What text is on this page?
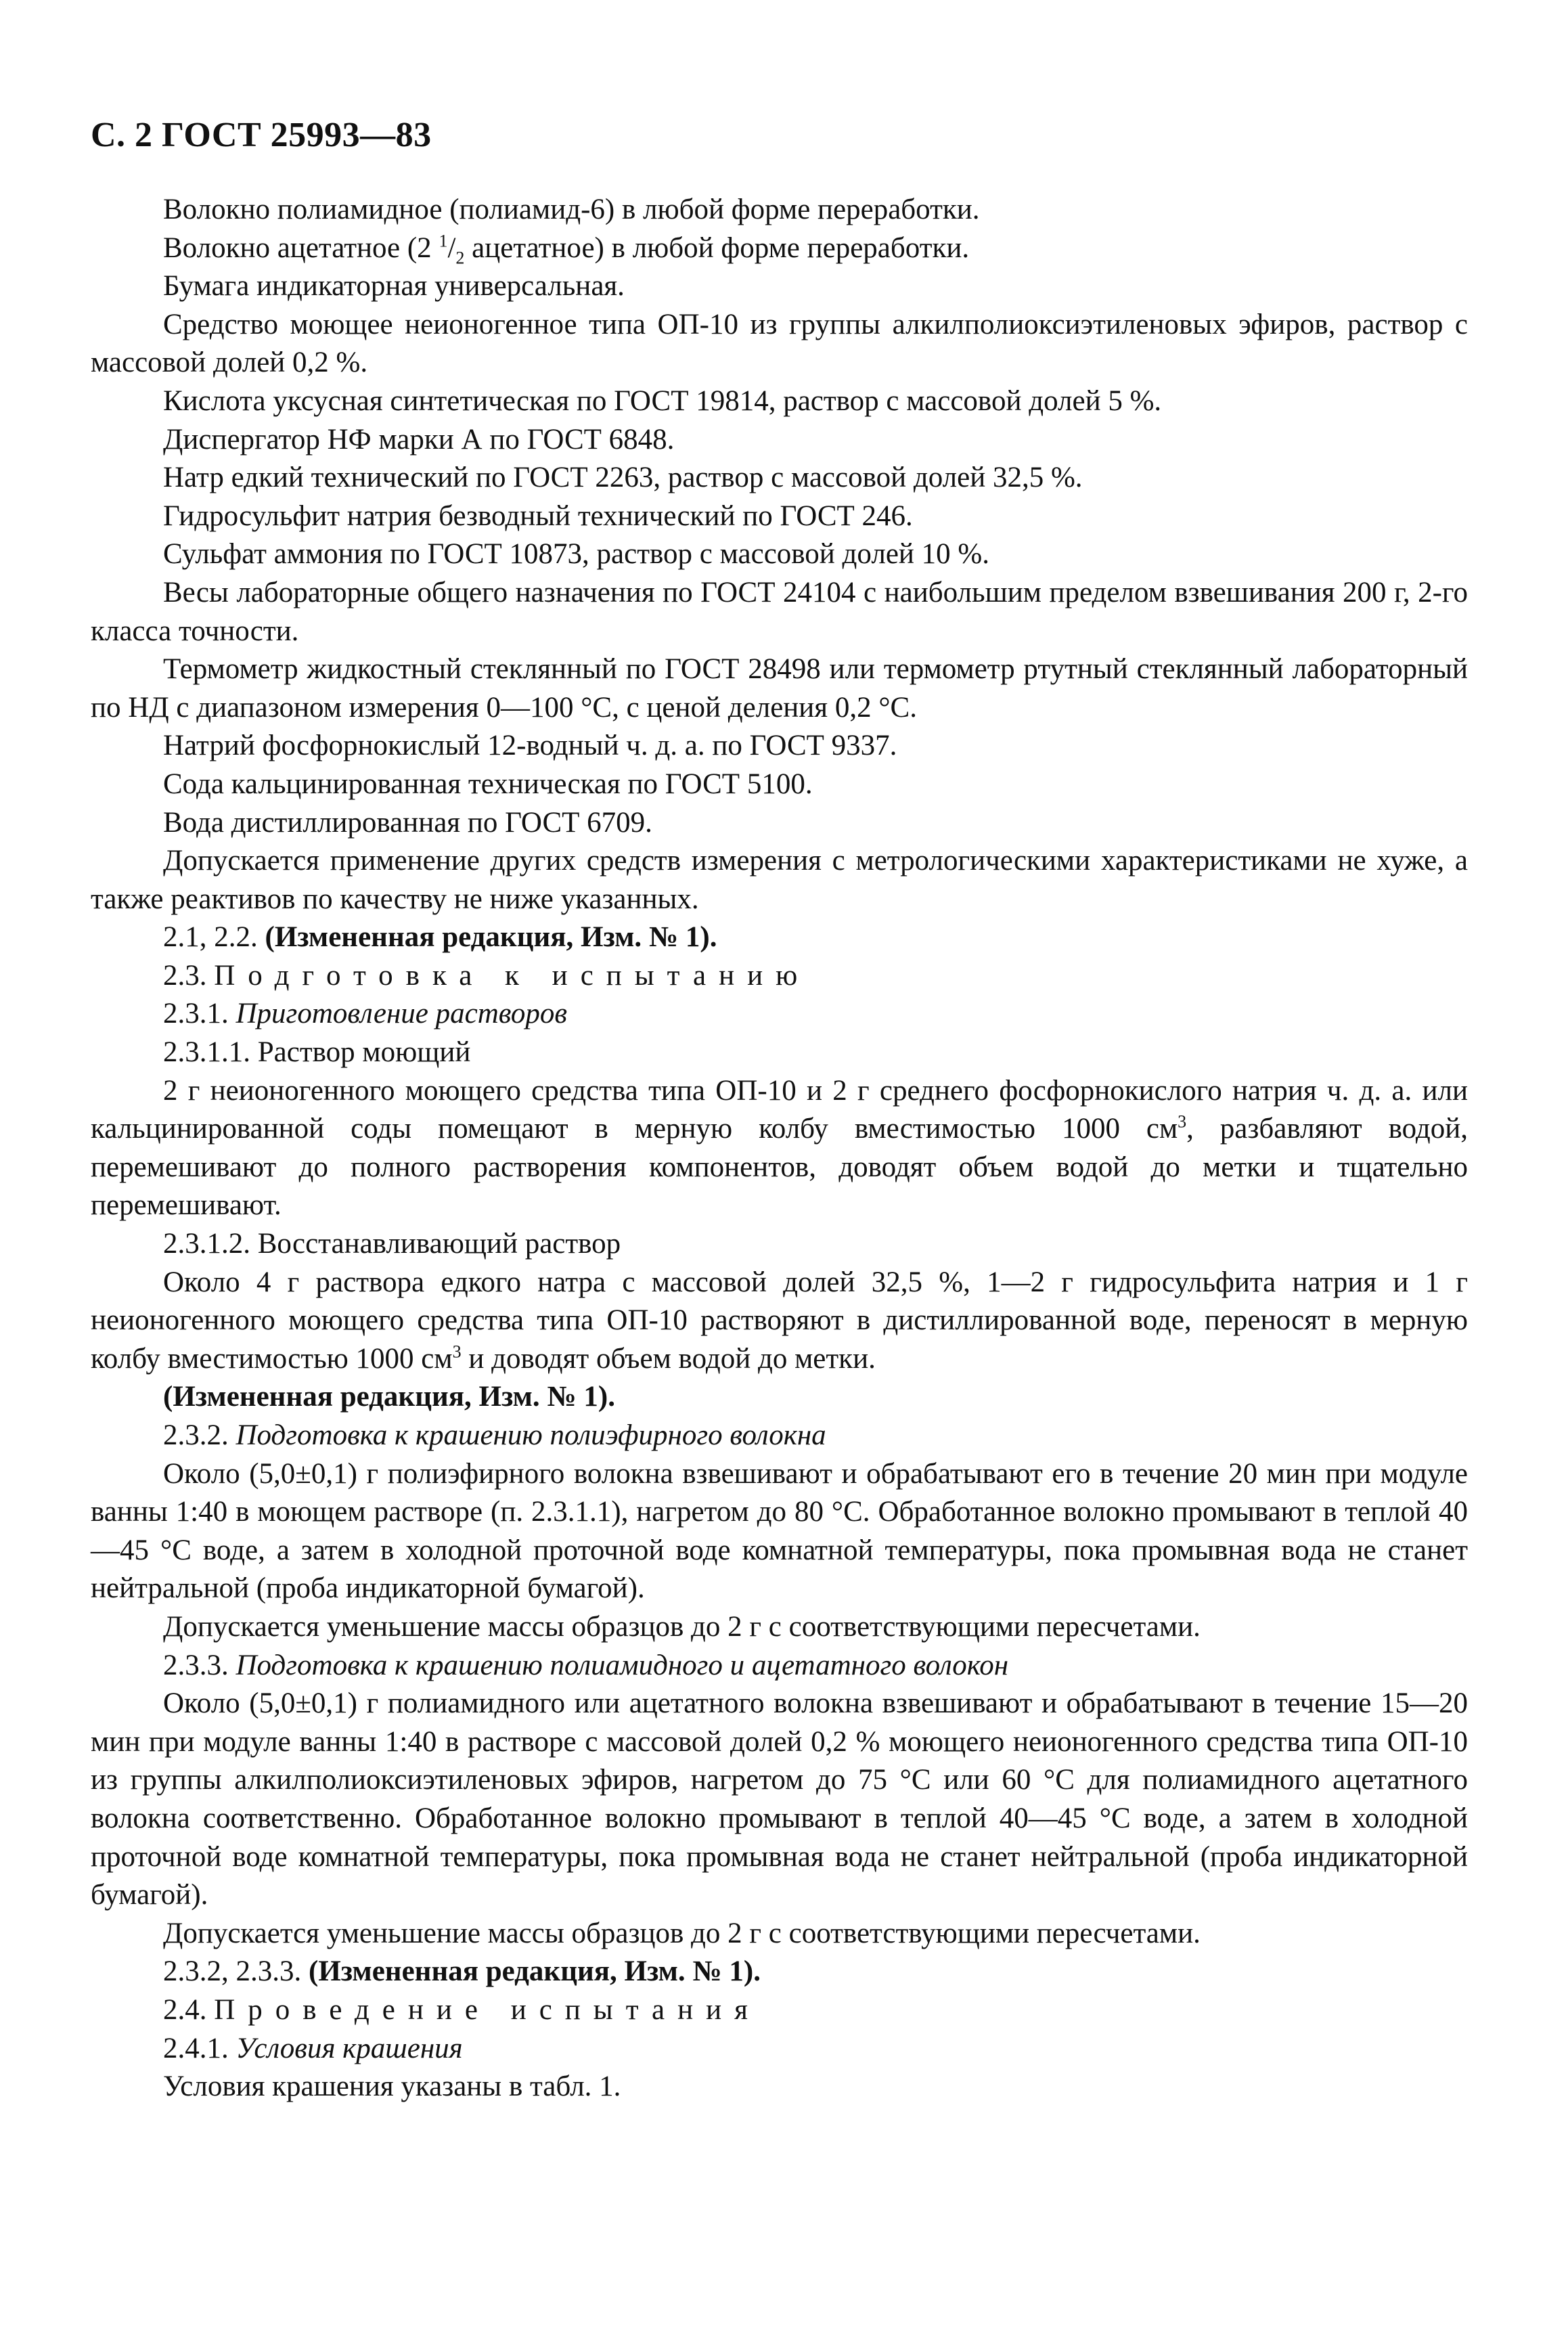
С. 2 ГОСТ 25993—83

Волокно полиамидное (полиамид-6) в любой форме переработки.

Волокно ацетатное (2 $^1/_2$ ацетатное) в любой форме переработки.

Бумага индикаторная универсальная.

Средство моющее неионогенное типа ОП-10 из группы алкилполиоксиэтиленовых эфиров, раствор с массовой долей 0,2 %.

Кислота уксусная синтетическая по ГОСТ 19814, раствор с массовой долей 5 %.

Диспергатор НФ марки А по ГОСТ 6848.

Натр едкий технический по ГОСТ 2263, раствор с массовой долей 32,5 %.

Гидросульфит натрия безводный технический по ГОСТ 246.

Сульфат аммония по ГОСТ 10873, раствор с массовой долей 10 %.

Весы лабораторные общего назначения по ГОСТ 24104 с наибольшим пределом взвешивания 200 г, 2-го класса точности.

Термометр жидкостный стеклянный по ГОСТ 28498 или термометр ртутный стеклянный лабораторный по НД с диапазоном измерения 0—100 °С, с ценой деления 0,2 °С.

Натрий фосфорнокислый 12-водный ч. д. а. по ГОСТ 9337.

Сода кальцинированная техническая по ГОСТ 5100.

Вода дистиллированная по ГОСТ 6709.

Допускается применение других средств измерения с метрологическими характеристиками не хуже, а также реактивов по качеству не ниже указанных.

2.1, 2.2. (Измененная редакция, Изм. № 1).

2.3. Подготовка к испытанию

2.3.1. Приготовление растворов

2.3.1.1. Раствор моющий

2 г неионогенного моющего средства типа ОП-10 и 2 г среднего фосфорнокислого натрия ч. д. а. или кальцинированной соды помещают в мерную колбу вместимостью 1000 $см^3$, разбавляют водой, перемешивают до полного растворения компонентов, доводят объем водой до метки и тщательно перемешивают.

2.3.1.2. Восстанавливающий раствор

Около 4 г раствора едкого натра с массовой долей 32,5 %, 1—2 г гидросульфита натрия и 1 г неионогенного моющего средства типа ОП-10 растворяют в дистиллированной воде, переносят в мерную колбу вместимостью 1000 $см^3$ и доводят объем водой до метки.

(Измененная редакция, Изм. № 1).

2.3.2. Подготовка к крашению полиэфирного волокна

Около (5,0±0,1) г полиэфирного волокна взвешивают и обрабатывают его в течение 20 мин при модуле ванны 1:40 в моющем растворе (п. 2.3.1.1), нагретом до 80 °С. Обработанное волокно промывают в теплой 40—45 °С воде, а затем в холодной проточной воде комнатной температуры, пока промывная вода не станет нейтральной (проба индикаторной бумагой).

Допускается уменьшение массы образцов до 2 г с соответствующими пересчетами.

2.3.3. Подготовка к крашению полиамидного и ацетатного волокон

Около (5,0±0,1) г полиамидного или ацетатного волокна взвешивают и обрабатывают в течение 15—20 мин при модуле ванны 1:40 в растворе с массовой долей 0,2 % моющего неионогенного средства типа ОП-10 из группы алкилполиоксиэтиленовых эфиров, нагретом до 75 °С или 60 °С для полиамидного ацетатного волокна соответственно. Обработанное волокно промывают в теплой 40—45 °С воде, а затем в холодной проточной воде комнатной температуры, пока промывная вода не станет нейтральной (проба индикаторной бумагой).

Допускается уменьшение массы образцов до 2 г с соответствующими пересчетами.

2.3.2, 2.3.3. (Измененная редакция, Изм. № 1).

2.4. Проведение испытания

2.4.1. Условия крашения

Условия крашения указаны в табл. 1.
